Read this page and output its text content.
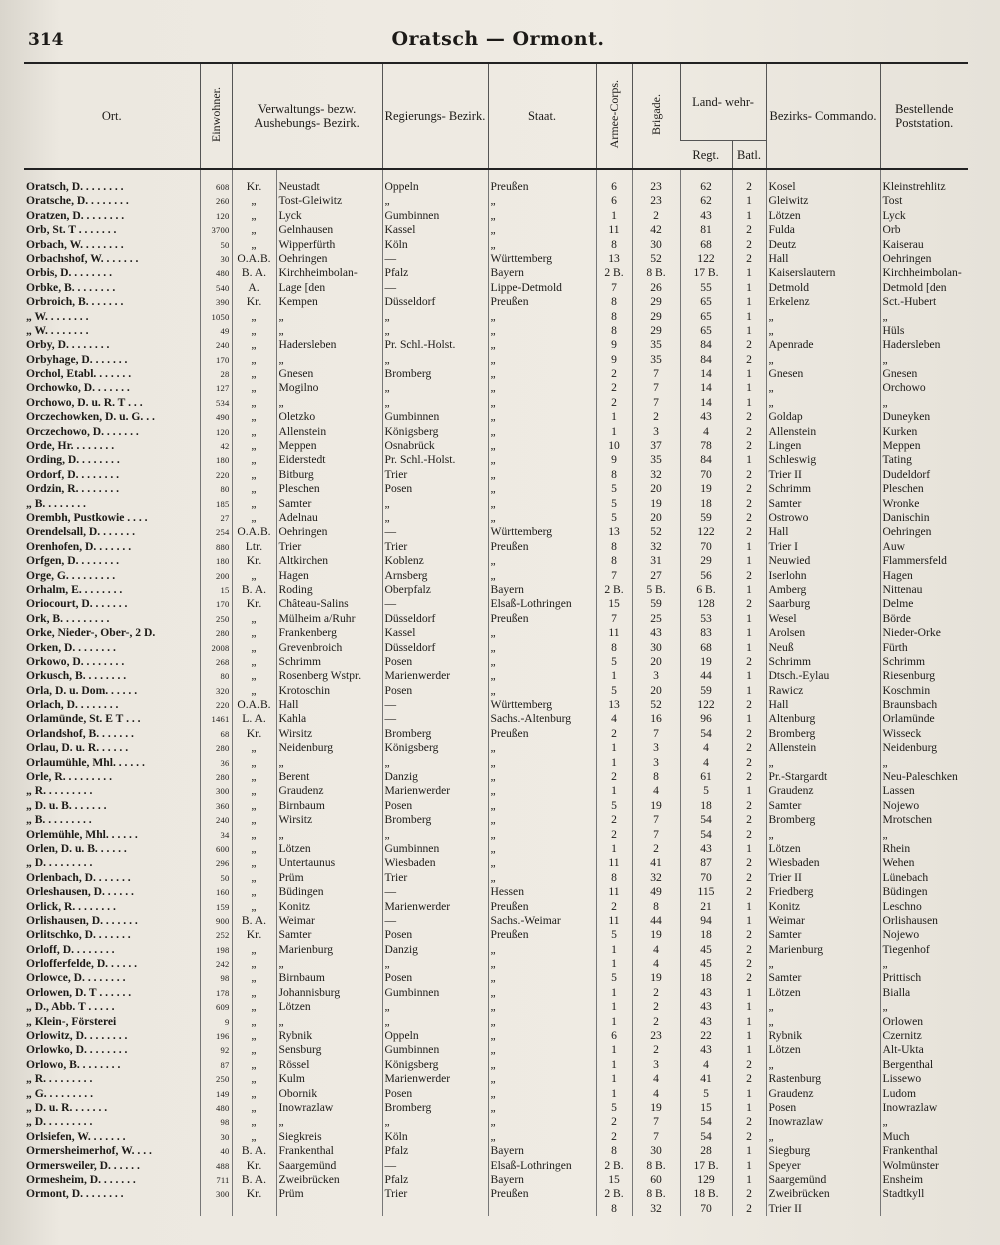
314	Oratsch — Ormont.
Ort.	Einwohner.	Verwaltungs- bezw. Aushebungs- Bezirk.		Regierungs- Bezirk.	Staat.	Armee-Corps.	Brigade.	Land- wehr-		Bezirks- Commando.	Bestellende Poststation.
								Regt.	Batl.		
Oratsch, D. . . . . . . .	608	Kr.	Neustadt	Oppeln	Preußen	6	23	62	2	Kosel	Kleinstrehlitz
Oratsche, D. . . . . . . .	260	„	Tost-Gleiwitz	„	„	6	23	62	1	Gleiwitz	Tost
Oratzen, D. . . . . . . .	120	„	Lyck	Gumbinnen	„	1	2	43	1	Lötzen	Lyck
Orb, St. T . . . . . . .	3700	„	Gelnhausen	Kassel	„	11	42	81	2	Fulda	Orb
Orbach, W. . . . . . . .	50	„	Wipperfürth	Köln	„	8	30	68	2	Deutz	Kaiserau
Orbachshof, W. . . . . . .	30	O.A.B.	Oehringen	—	Württemberg	13	52	122	2	Hall	Oehringen
Orbis, D. . . . . . . .	480	B. A.	Kirchheimbolan-	Pfalz	Bayern	2 B.	8 B.	17 B.	1	Kaiserslautern	Kirchheimbolan-
Orbke, B. . . . . . . .	540	A.	Lage [den	—	Lippe-Detmold	7	26	55	1	Detmold	Detmold [den
Orbroich, B. . . . . . .	390	Kr.	Kempen	Düsseldorf	Preußen	8	29	65	1	Erkelenz	Sct.-Hubert
„ W. . . . . . . .	1050	„	„	„	„	8	29	65	1	„	„
„ W. . . . . . . .	49	„	„	„	„	8	29	65	1	„	Hüls
Orby, D. . . . . . . .	240	„	Hadersleben	Pr. Schl.-Holst.	„	9	35	84	2	Apenrade	Hadersleben
Orbyhage, D. . . . . . .	170	„	„	„	„	9	35	84	2	„	„
Orchol, Etabl. . . . . . .	28	„	Gnesen	Bromberg	„	2	7	14	1	Gnesen	Gnesen
Orchowko, D. . . . . . .	127	„	Mogilno	„	„	2	7	14	1	„	Orchowo
Orchowo, D. u. R. T . . .	534	„	„	„	„	2	7	14	1	„	„
Orczechowken, D. u. G. . .	490	„	Oletzko	Gumbinnen	„	1	2	43	2	Goldap	Duneyken
Orczechowo, D. . . . . . .	120	„	Allenstein	Königsberg	„	1	3	4	2	Allenstein	Kurken
Orde, Hr. . . . . . . .	42	„	Meppen	Osnabrück	„	10	37	78	2	Lingen	Meppen
Ording, D. . . . . . . .	180	„	Eiderstedt	Pr. Schl.-Holst.	„	9	35	84	1	Schleswig	Tating
Ordorf, D. . . . . . . .	220	„	Bitburg	Trier	„	8	32	70	2	Trier II	Dudeldorf
Ordzin, R. . . . . . . .	80	„	Pleschen	Posen	„	5	20	19	2	Schrimm	Pleschen
„ B. . . . . . . .	185	„	Samter	„	„	5	19	18	2	Samter	Wronke
Orembh, Pustkowie . . . .	27	„	Adelnau	„	„	5	20	59	2	Ostrowo	Danischin
Orendelsall, D. . . . . . .	254	O.A.B.	Oehringen	—	Württemberg	13	52	122	2	Hall	Oehringen
Orenhofen, D. . . . . . .	880	Ltr.	Trier	Trier	Preußen	8	32	70	1	Trier I	Auw
Orfgen, D. . . . . . . .	180	Kr.	Altkirchen	Koblenz	„	8	31	29	1	Neuwied	Flammersfeld
Orge, G. . . . . . . . .	200	„	Hagen	Arnsberg	„	7	27	56	2	Iserlohn	Hagen
Orhalm, E. . . . . . . .	15	B. A.	Roding	Oberpfalz	Bayern	2 B.	5 B.	6 B.	1	Amberg	Nittenau
Oriocourt, D. . . . . . .	170	Kr.	Château-Salins	—	Elsaß-Lothringen	15	59	128	2	Saarburg	Delme
Ork, B. . . . . . . . .	250	„	Mülheim a/Ruhr	Düsseldorf	Preußen	7	25	53	1	Wesel	Börde
Orke, Nieder-, Ober-, 2 D.	280	„	Frankenberg	Kassel	„	11	43	83	1	Arolsen	Nieder-Orke
Orken, D. . . . . . . .	2008	„	Grevenbroich	Düsseldorf	„	8	30	68	1	Neuß	Fürth
Orkowo, D. . . . . . . .	268	„	Schrimm	Posen	„	5	20	19	2	Schrimm	Schrimm
Orkusch, B. . . . . . . .	80	„	Rosenberg Wstpr.	Marienwerder	„	1	3	44	1	Dtsch.-Eylau	Riesenburg
Orla, D. u. Dom. . . . . .	320	„	Krotoschin	Posen	„	5	20	59	1	Rawicz	Koschmin
Orlach, D. . . . . . . .	220	O.A.B.	Hall	—	Württemberg	13	52	122	2	Hall	Braunsbach
Orlamünde, St. E T . . .	1461	L. A.	Kahla	—	Sachs.-Altenburg	4	16	96	1	Altenburg	Orlamünde
Orlandshof, B. . . . . . .	68	Kr.	Wirsitz	Bromberg	Preußen	2	7	54	2	Bromberg	Wisseck
Orlau, D. u. R. . . . . .	280	„	Neidenburg	Königsberg	„	1	3	4	2	Allenstein	Neidenburg
Orlaumühle, Mhl. . . . . .	36	„	„	„	„	1	3	4	2	„	„
Orle, R. . . . . . . . .	280	„	Berent	Danzig	„	2	8	61	2	Pr.-Stargardt	Neu-Paleschken
„ R. . . . . . . . .	300	„	Graudenz	Marienwerder	„	1	4	5	1	Graudenz	Lassen
„ D. u. B. . . . . . .	360	„	Birnbaum	Posen	„	5	19	18	2	Samter	Nojewo
„ B. . . . . . . . .	240	„	Wirsitz	Bromberg	„	2	7	54	2	Bromberg	Mrotschen
Orlemühle, Mhl. . . . . .	34	„	„	„	„	2	7	54	2	„	„
Orlen, D. u. B. . . . . .	600	„	Lötzen	Gumbinnen	„	1	2	43	1	Lötzen	Rhein
„ D. . . . . . . . .	296	„	Untertaunus	Wiesbaden	„	11	41	87	2	Wiesbaden	Wehen
Orlenbach, D. . . . . . .	50	„	Prüm	Trier	„	8	32	70	2	Trier II	Lünebach
Orleshausen, D. . . . . .	160	„	Büdingen	—	Hessen	11	49	115	2	Friedberg	Büdingen
Orlick, R. . . . . . . .	159	„	Konitz	Marienwerder	Preußen	2	8	21	1	Konitz	Leschno
Orlishausen, D. . . . . . .	900	B. A.	Weimar	—	Sachs.-Weimar	11	44	94	1	Weimar	Orlishausen
Orlitschko, D. . . . . . .	252	Kr.	Samter	Posen	Preußen	5	19	18	2	Samter	Nojewo
Orloff, D. . . . . . . .	198	„	Marienburg	Danzig	„	1	4	45	2	Marienburg	Tiegenhof
Orlofferfelde, D. . . . . .	242	„	„	„	„	1	4	45	2	„	„
Orlowce, D. . . . . . . .	98	„	Birnbaum	Posen	„	5	19	18	2	Samter	Prittisch
Orlowen, D. T . . . . . .	178	„	Johannisburg	Gumbinnen	„	1	2	43	1	Lötzen	Bialla
„ D., Abb. T . . . . .	609	„	Lötzen	„	„	1	2	43	1	„	„
„ Klein-, Försterei	9	„	„	„	„	1	2	43	1	„	Orlowen
Orlowitz, D. . . . . . . .	196	„	Rybnik	Oppeln	„	6	23	22	1	Rybnik	Czernitz
Orlowko, D. . . . . . . .	92	„	Sensburg	Gumbinnen	„	1	2	43	1	Lötzen	Alt-Ukta
Orlowo, B. . . . . . . .	87	„	Rössel	Königsberg	„	1	3	4	2	„	Bergenthal
„ R. . . . . . . . .	250	„	Kulm	Marienwerder	„	1	4	41	2	Rastenburg	Lissewo
„ G. . . . . . . . .	149	„	Obornik	Posen	„	1	4	5	1	Graudenz	Ludom
„ D. u. R. . . . . . .	480	„	Inowrazlaw	Bromberg	„	5	19	15	1	Posen	Inowrazlaw
„ D. . . . . . . . .	98	„	„	„	„	2	7	54	2	Inowrazlaw	„
Orlsiefen, W. . . . . . .	30	„	Siegkreis	Köln	„	2	7	54	2	„	Much
Ormersheimerhof, W. . . .	40	B. A.	Frankenthal	Pfalz	Bayern	8	30	28	1	Siegburg	Frankenthal
Ormersweiler, D. . . . . .	488	Kr.	Saargemünd	—	Elsaß-Lothringen	2 B.	8 B.	17 B.	1	Speyer	Wolmünster
Ormesheim, D. . . . . . .	711	B. A.	Zweibrücken	Pfalz	Bayern	15	60	129	1	Saargemünd	Ensheim
Ormont, D. . . . . . . .	300	Kr.	Prüm	Trier	Preußen	2 B.	8 B.	18 B.	2	Zweibrücken	Stadtkyll
						8	32	70	2	Trier II	
